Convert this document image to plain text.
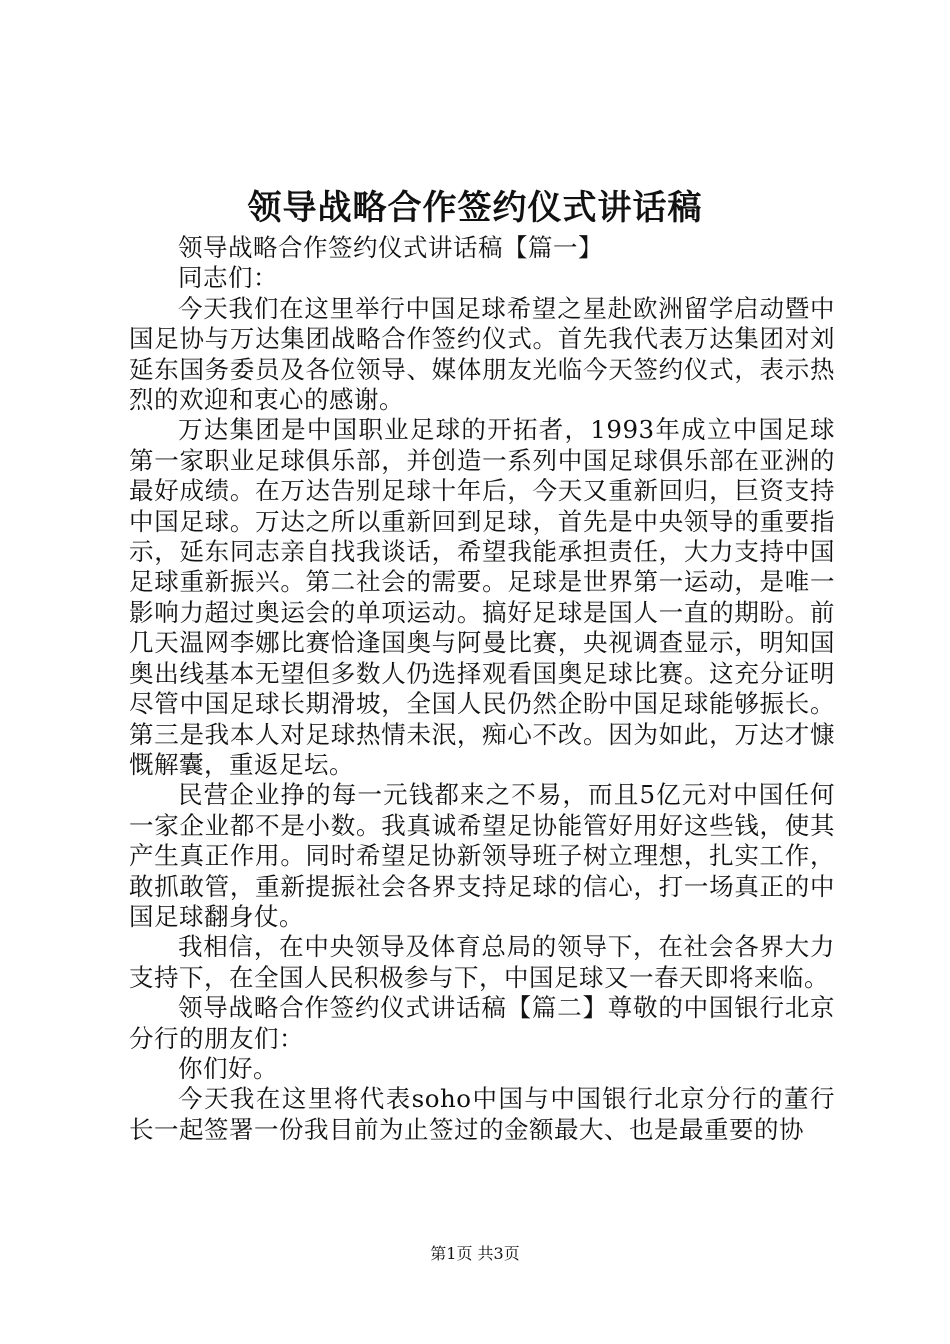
领导战略合作签约仪式讲话稿

领导战略合作签约仪式讲话稿【篇一】

同志们：

今天我们在这里举行中国足球希望之星赴欧洲留学启动暨中国足协与万达集团战略合作签约仪式。首先我代表万达集团对刘延东国务委员及各位领导、媒体朋友光临今天签约仪式，表示热烈的欢迎和衷心的感谢。

万达集团是中国职业足球的开拓者，1993年成立中国足球第一家职业足球俱乐部，并创造一系列中国足球俱乐部在亚洲的最好成绩。在万达告别足球十年后，今天又重新回归，巨资支持中国足球。万达之所以重新回到足球，首先是中央领导的重要指示，延东同志亲自找我谈话，希望我能承担责任，大力支持中国足球重新振兴。第二社会的需要。足球是世界第一运动，是唯一影响力超过奥运会的单项运动。搞好足球是国人一直的期盼。前几天温网李娜比赛恰逢国奥与阿曼比赛，央视调查显示，明知国奥出线基本无望但多数人仍选择观看国奥足球比赛。这充分证明尽管中国足球长期滑坡，全国人民仍然企盼中国足球能够振长。第三是我本人对足球热情未泯，痴心不改。因为如此，万达才慷慨解囊，重返足坛。

民营企业挣的每一元钱都来之不易，而且5亿元对中国任何一家企业都不是小数。我真诚希望足协能管好用好这些钱，使其产生真正作用。同时希望足协新领导班子树立理想，扎实工作，敢抓敢管，重新提振社会各界支持足球的信心，打一场真正的中国足球翻身仗。

我相信，在中央领导及体育总局的领导下，在社会各界大力支持下，在全国人民积极参与下，中国足球又一春天即将来临。

领导战略合作签约仪式讲话稿【篇二】尊敬的中国银行北京分行的朋友们：

你们好。

今天我在这里将代表soho中国与中国银行北京分行的董行长一起签署一份我目前为止签过的金额最大、也是最重要的协

第1页 共3页
